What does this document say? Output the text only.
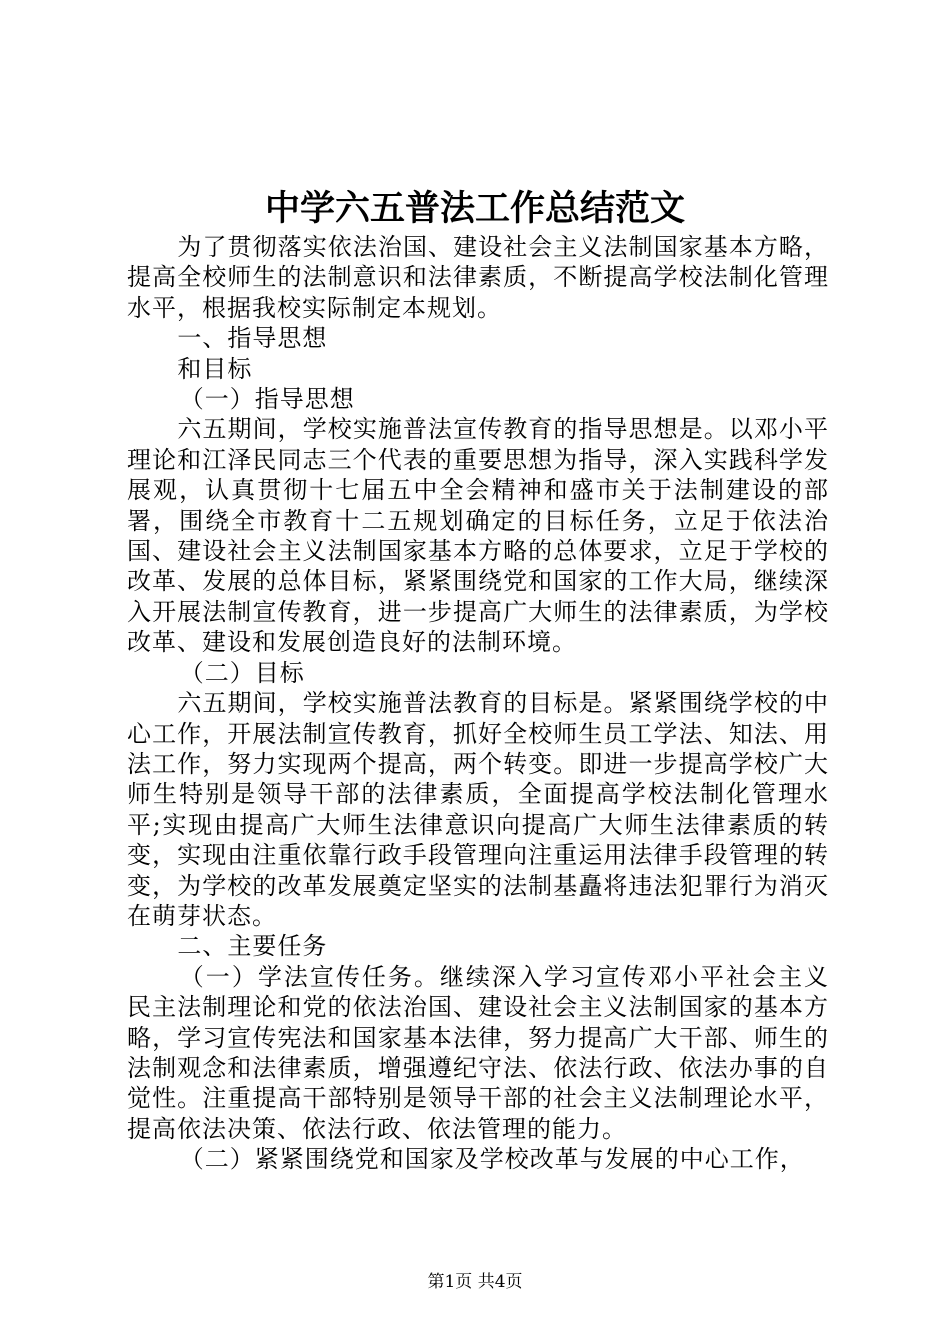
中学六五普法工作总结范文

为了贯彻落实依法治国、建设社会主义法制国家基本方略，提高全校师生的法制意识和法律素质，不断提高学校法制化管理水平，根据我校实际制定本规划。

一、指导思想

和目标

（一）指导思想

六五期间，学校实施普法宣传教育的指导思想是。以邓小平理论和江泽民同志三个代表的重要思想为指导，深入实践科学发展观，认真贯彻十七届五中全会精神和盛市关于法制建设的部署，围绕全市教育十二五规划确定的目标任务，立足于依法治国、建设社会主义法制国家基本方略的总体要求，立足于学校的改革、发展的总体目标，紧紧围绕党和国家的工作大局，继续深入开展法制宣传教育，进一步提高广大师生的法律素质，为学校改革、建设和发展创造良好的法制环境。

（二）目标

六五期间，学校实施普法教育的目标是。紧紧围绕学校的中心工作，开展法制宣传教育，抓好全校师生员工学法、知法、用法工作，努力实现两个提高，两个转变。即进一步提高学校广大师生特别是领导干部的法律素质，全面提高学校法制化管理水平;实现由提高广大师生法律意识向提高广大师生法律素质的转变，实现由注重依靠行政手段管理向注重运用法律手段管理的转变，为学校的改革发展奠定坚实的法制基矗将违法犯罪行为消灭在萌芽状态。

二、主要任务

（一）学法宣传任务。继续深入学习宣传邓小平社会主义民主法制理论和党的依法治国、建设社会主义法制国家的基本方略，学习宣传宪法和国家基本法律，努力提高广大干部、师生的法制观念和法律素质，增强遵纪守法、依法行政、依法办事的自觉性。注重提高干部特别是领导干部的社会主义法制理论水平，提高依法决策、依法行政、依法管理的能力。

（二）紧紧围绕党和国家及学校改革与发展的中心工作，

第1页 共4页
